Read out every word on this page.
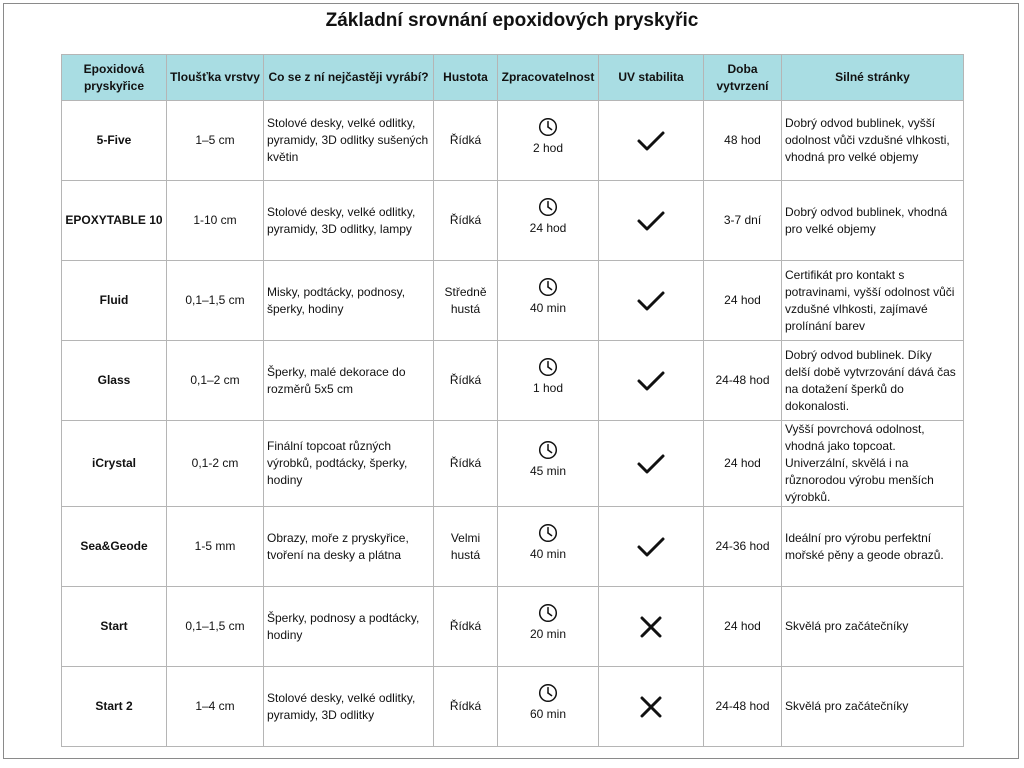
Základní srovnání epoxidových pryskyřic
Epoxidová pryskyřice	Tloušťka vrstvy	Co se z ní nejčastěji vyrábí?	Hustota	Zpracovatelnost	UV stabilita	Doba vytvrzení	Silné stránky
5-Five	1–5 cm	Stolové desky, velké odlitky, pyramidy, 3D odlitky sušených květin	Řídká	2 hod		48 hod	Dobrý odvod bublinek, vyšší odolnost vůči vzdušné vlhkosti, vhodná pro velké objemy
EPOXYTABLE 10	1-10 cm	Stolové desky, velké odlitky, pyramidy, 3D odlitky, lampy	Řídká	24 hod		3-7 dní	Dobrý odvod bublinek, vhodná pro velké objemy
Fluid	0,1–1,5 cm	Misky, podtácky, podnosy, šperky, hodiny	Středně hustá	40 min		24 hod	Certifikát pro kontakt s potravinami, vyšší odolnost vůči vzdušné vlhkosti, zajímavé prolínání barev
Glass	0,1–2 cm	Šperky, malé dekorace do rozměrů 5x5 cm	Řídká	1 hod		24-48 hod	Dobrý odvod bublinek. Díky delší době vytvrzování dává čas na dotažení šperků do dokonalosti.
iCrystal	0,1-2 cm	Finální topcoat různých výrobků, podtácky, šperky, hodiny	Řídká	45 min		24 hod	Vyšší povrchová odolnost, vhodná jako topcoat. Univerzální, skvělá i na různorodou výrobu menších výrobků.
Sea&Geode	1-5 mm	Obrazy, moře z pryskyřice, tvoření na desky a plátna	Velmi hustá	40 min		24-36 hod	Ideální pro výrobu perfektní mořské pěny a geode obrazů.
Start	0,1–1,5 cm	Šperky, podnosy a podtácky, hodiny	Řídká	20 min		24 hod	Skvělá pro začátečníky
Start 2	1–4 cm	Stolové desky, velké odlitky, pyramidy, 3D odlitky	Řídká	60 min		24-48 hod	Skvělá pro začátečníky
